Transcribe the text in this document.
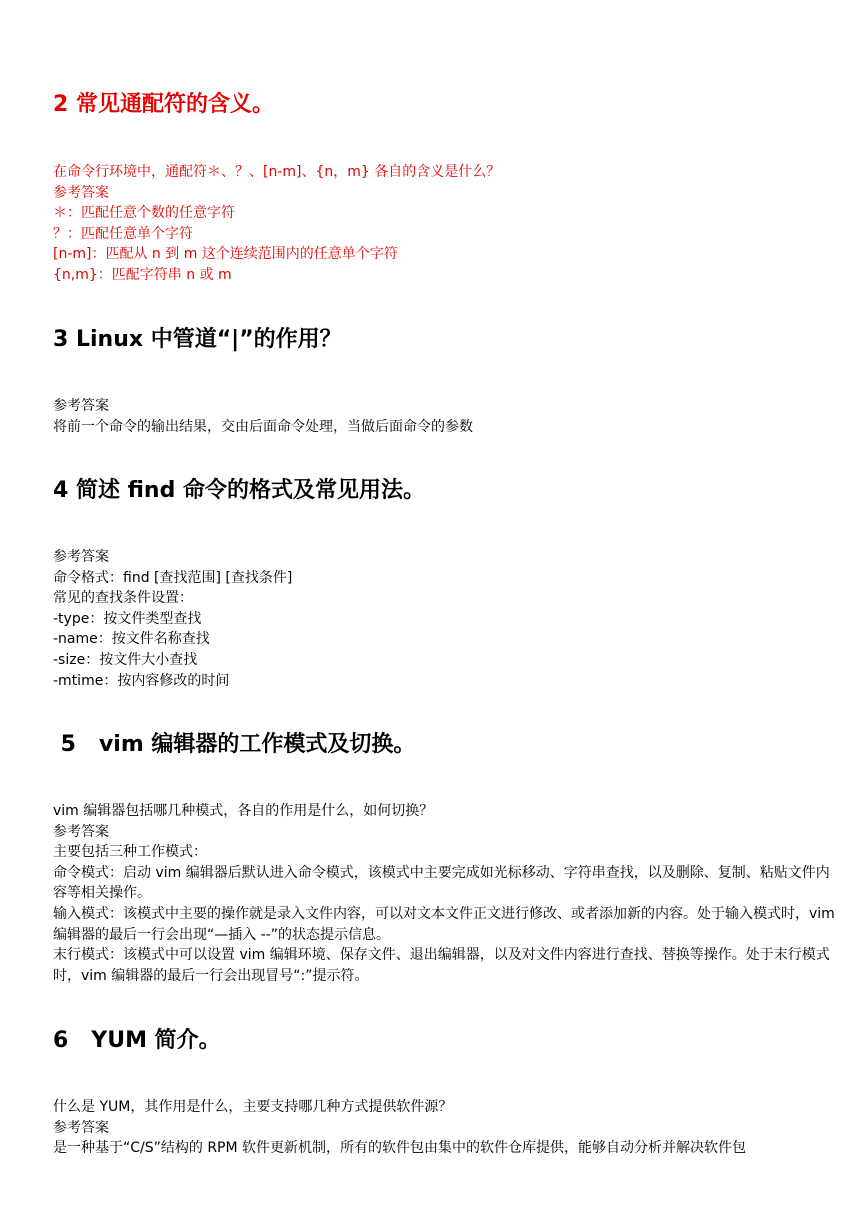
2 常见通配符的含义。
在命令行环境中，通配符＊、？、[n-m]、{n，m} 各自的含义是什么？
参考答案
＊：匹配任意个数的任意字符
？：匹配任意单个字符
[n-m]：匹配从 n 到 m 这个连续范围内的任意单个字符
{n,m}：匹配字符串 n 或 m
3 Linux 中管道“|”的作用？
参考答案
将前一个命令的输出结果，交由后面命令处理，当做后面命令的参数
4 简述 find 命令的格式及常见用法。
参考答案
命令格式：find [查找范围] [查找条件]
常见的查找条件设置：
-type：按文件类型查找
-name：按文件名称查找
-size：按文件大小查找
-mtime：按内容修改的时间
5   vim 编辑器的工作模式及切换。
vim 编辑器包括哪几种模式，各自的作用是什么，如何切换？
参考答案
主要包括三种工作模式：
命令模式：启动 vim 编辑器后默认进入命令模式，该模式中主要完成如光标移动、字符串查找，以及删除、复制、粘贴文件内容等相关操作。
输入模式：该模式中主要的操作就是录入文件内容，可以对文本文件正文进行修改、或者添加新的内容。处于输入模式时，vim 编辑器的最后一行会出现“—插入 --”的状态提示信息。
末行模式：该模式中可以设置 vim 编辑环境、保存文件、退出编辑器，以及对文件内容进行查找、替换等操作。处于末行模式时，vim 编辑器的最后一行会出现冒号“:”提示符。
6   YUM 简介。
什么是 YUM，其作用是什么，主要支持哪几种方式提供软件源？
参考答案
是一种基于“C/S”结构的 RPM 软件更新机制，所有的软件包由集中的软件仓库提供，能够自动分析并解决软件包
